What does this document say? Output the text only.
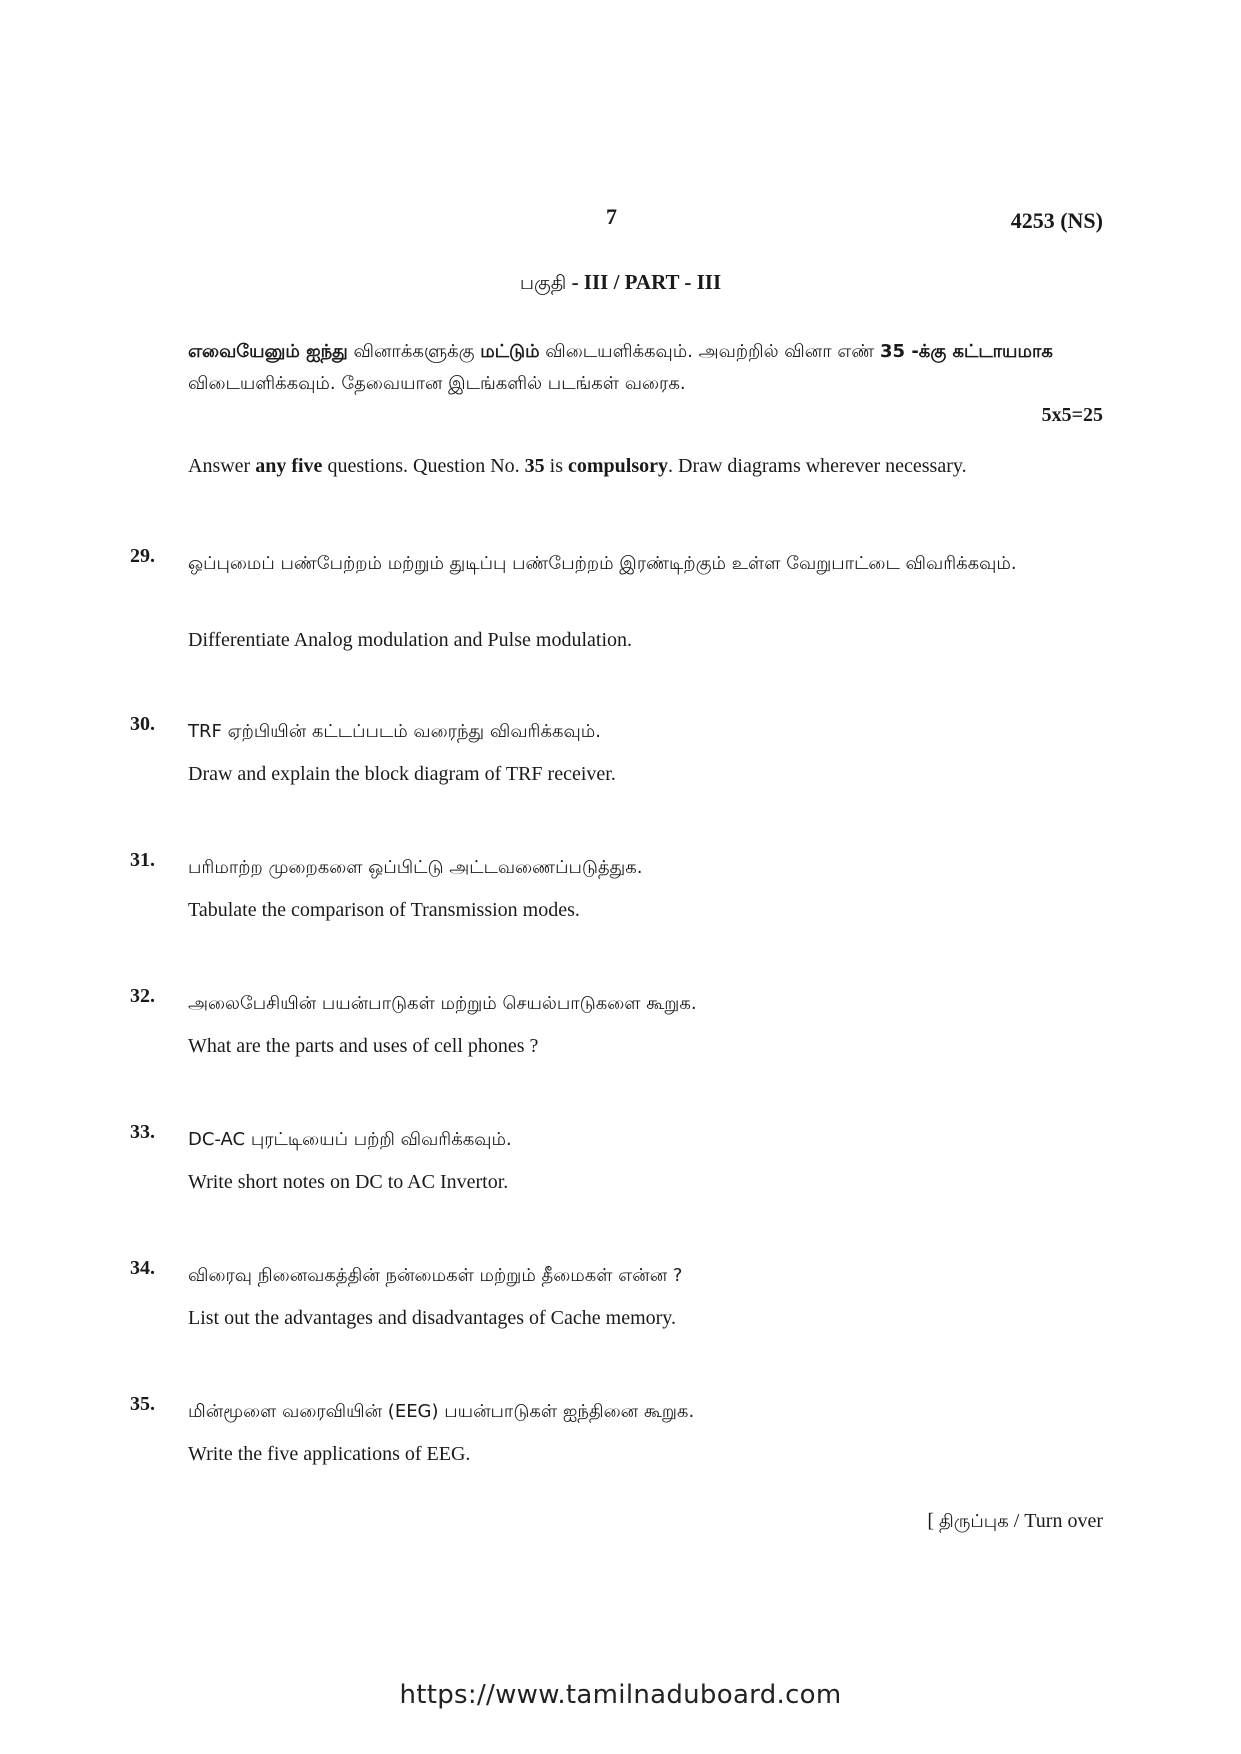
7	4253 (NS)
பகுதி - III / PART - III
எவையேனும் ஐந்து வினாக்களுக்கு மட்டும் விடையளிக்கவும். அவற்றில் வினா எண் 35 -க்கு கட்டாயமாக விடையளிக்கவும். தேவையான இடங்களில் படங்கள் வரைக.
5x5=25
Answer any five questions. Question No. 35 is compulsory. Draw diagrams wherever necessary.
29. ஒப்புமைப் பண்பேற்றம் மற்றும் துடிப்பு பண்பேற்றம் இரண்டிற்கும் உள்ள வேறுபாட்டை விவரிக்கவும்.
Differentiate Analog modulation and Pulse modulation.
30. TRF ஏற்பியின் கட்டப்படம் வரைந்து விவரிக்கவும்.
Draw and explain the block diagram of TRF receiver.
31. பரிமாற்ற முறைகளை ஒப்பிட்டு அட்டவணைப்படுத்துக.
Tabulate the comparison of Transmission modes.
32. அலைபேசியின் பயன்பாடுகள் மற்றும் செயல்பாடுகளை கூறுக.
What are the parts and uses of cell phones ?
33. DC-AC புரட்டியைப் பற்றி விவரிக்கவும்.
Write short notes on DC to AC Invertor.
34. விரைவு நினைவகத்தின் நன்மைகள் மற்றும் தீமைகள் என்ன ?
List out the advantages and disadvantages of Cache memory.
35. மின்மூளை வரைவியின் (EEG) பயன்பாடுகள் ஐந்தினை கூறுக.
Write the five applications of EEG.
[ திருப்புக / Turn over
https://www.tamilnaduboard.com
